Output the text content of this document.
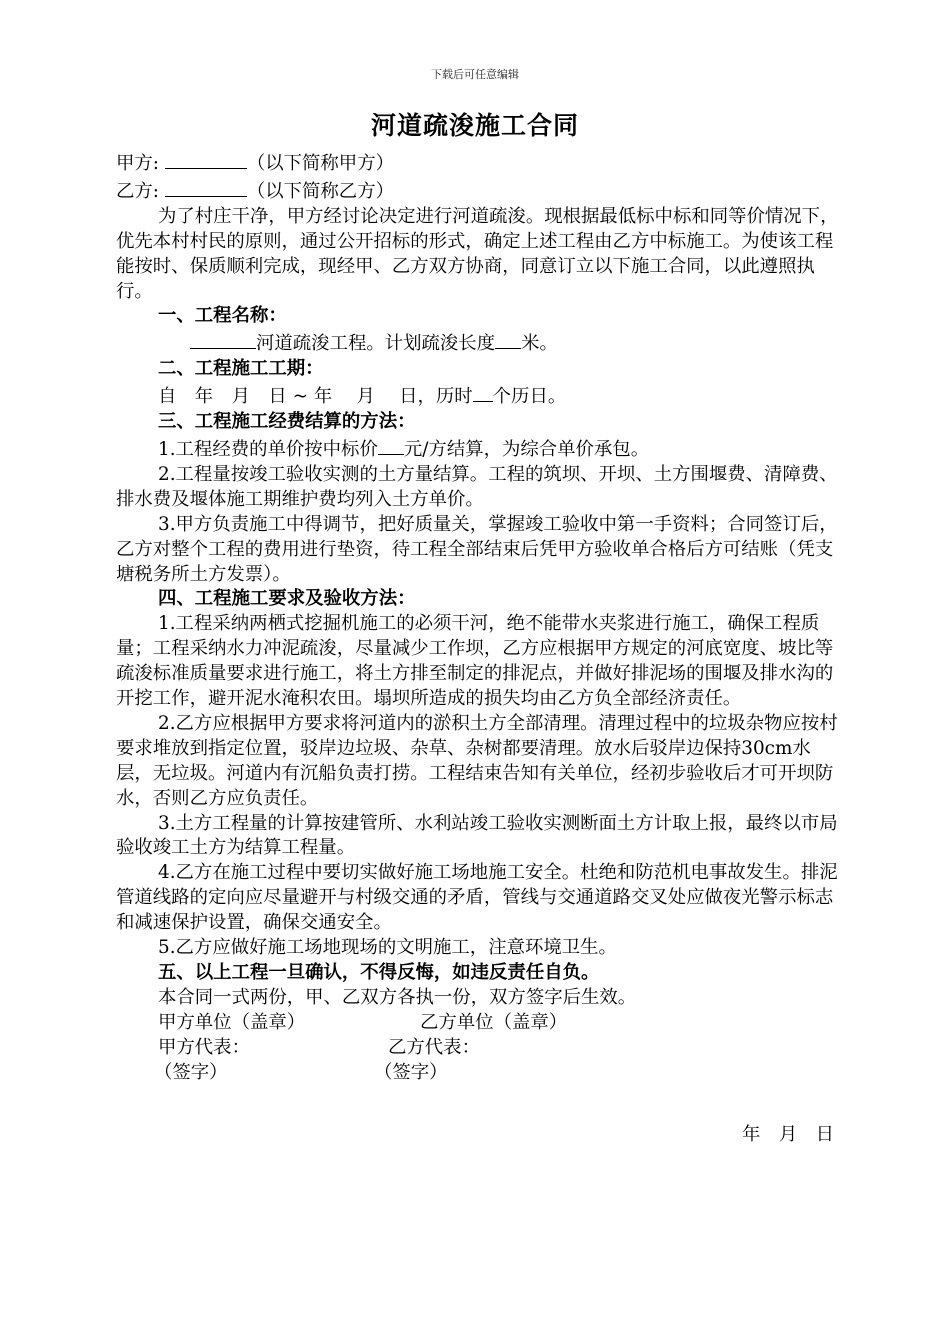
下载后可任意编辑
河道疏浚施工合同

甲方:	（以下简称甲方）

乙方:	（以下简称乙方）

为了村庄干净，甲方经讨论决定进行河道疏浚。现根据最低标中标和同等价情况下，优先本村村民的原则，通过公开招标的形式，确定上述工程由乙方中标施工。为使该工程能按时、保质顺利完成，现经甲、乙方双方协商，同意订立以下施工合同，以此遵照执行。

一、工程名称：

河道疏浚工程。计划疏浚长度 米。

二、工程施工工期：

自　年　月　日 ~ 年　 月　 日，历时 个历日。

三、工程施工经费结算的方法：

1.工程经费的单价按中标价 元/方结算，为综合单价承包。

2.工程量按竣工验收实测的土方量结算。工程的筑坝、开坝、土方围堰费、清障费、排水费及堰体施工期维护费均列入土方单价。

3.甲方负责施工中得调节，把好质量关，掌握竣工验收中第一手资料；合同签订后，乙方对整个工程的费用进行垫资，待工程全部结束后凭甲方验收单合格后方可结账（凭支塘税务所土方发票）。

四、工程施工要求及验收方法：

1.工程采纳两栖式挖掘机施工的必须干河，绝不能带水夹浆进行施工，确保工程质量；工程采纳水力冲泥疏浚，尽量减少工作坝，乙方应根据甲方规定的河底宽度、坡比等疏浚标准质量要求进行施工，将土方排至制定的排泥点，并做好排泥场的围堰及排水沟的开挖工作，避开泥水淹积农田。塌坝所造成的损失均由乙方负全部经济责任。

2.乙方应根据甲方要求将河道内的淤积土方全部清理。清理过程中的垃圾杂物应按村要求堆放到指定位置，驳岸边垃圾、杂草、杂树都要清理。放水后驳岸边保持30cm水层，无垃圾。河道内有沉船负责打捞。工程结束告知有关单位，经初步验收后才可开坝防水，否则乙方应负责任。

3.土方工程量的计算按建管所、水利站竣工验收实测断面土方计取上报，最终以市局验收竣工土方为结算工程量。

4.乙方在施工过程中要切实做好施工场地施工安全。杜绝和防范机电事故发生。排泥管道线路的定向应尽量避开与村级交通的矛盾，管线与交通道路交叉处应做夜光警示标志和减速保护设置，确保交通安全。

5.乙方应做好施工场地现场的文明施工，注意环境卫生。

五、以上工程一旦确认，不得反悔，如违反责任自负。

本合同一式两份，甲、乙双方各执一份，双方签字后生效。

甲方单位（盖章）	乙方单位（盖章）
甲方代表：	乙方代表：
（签字）	（签字）
年　月　日
